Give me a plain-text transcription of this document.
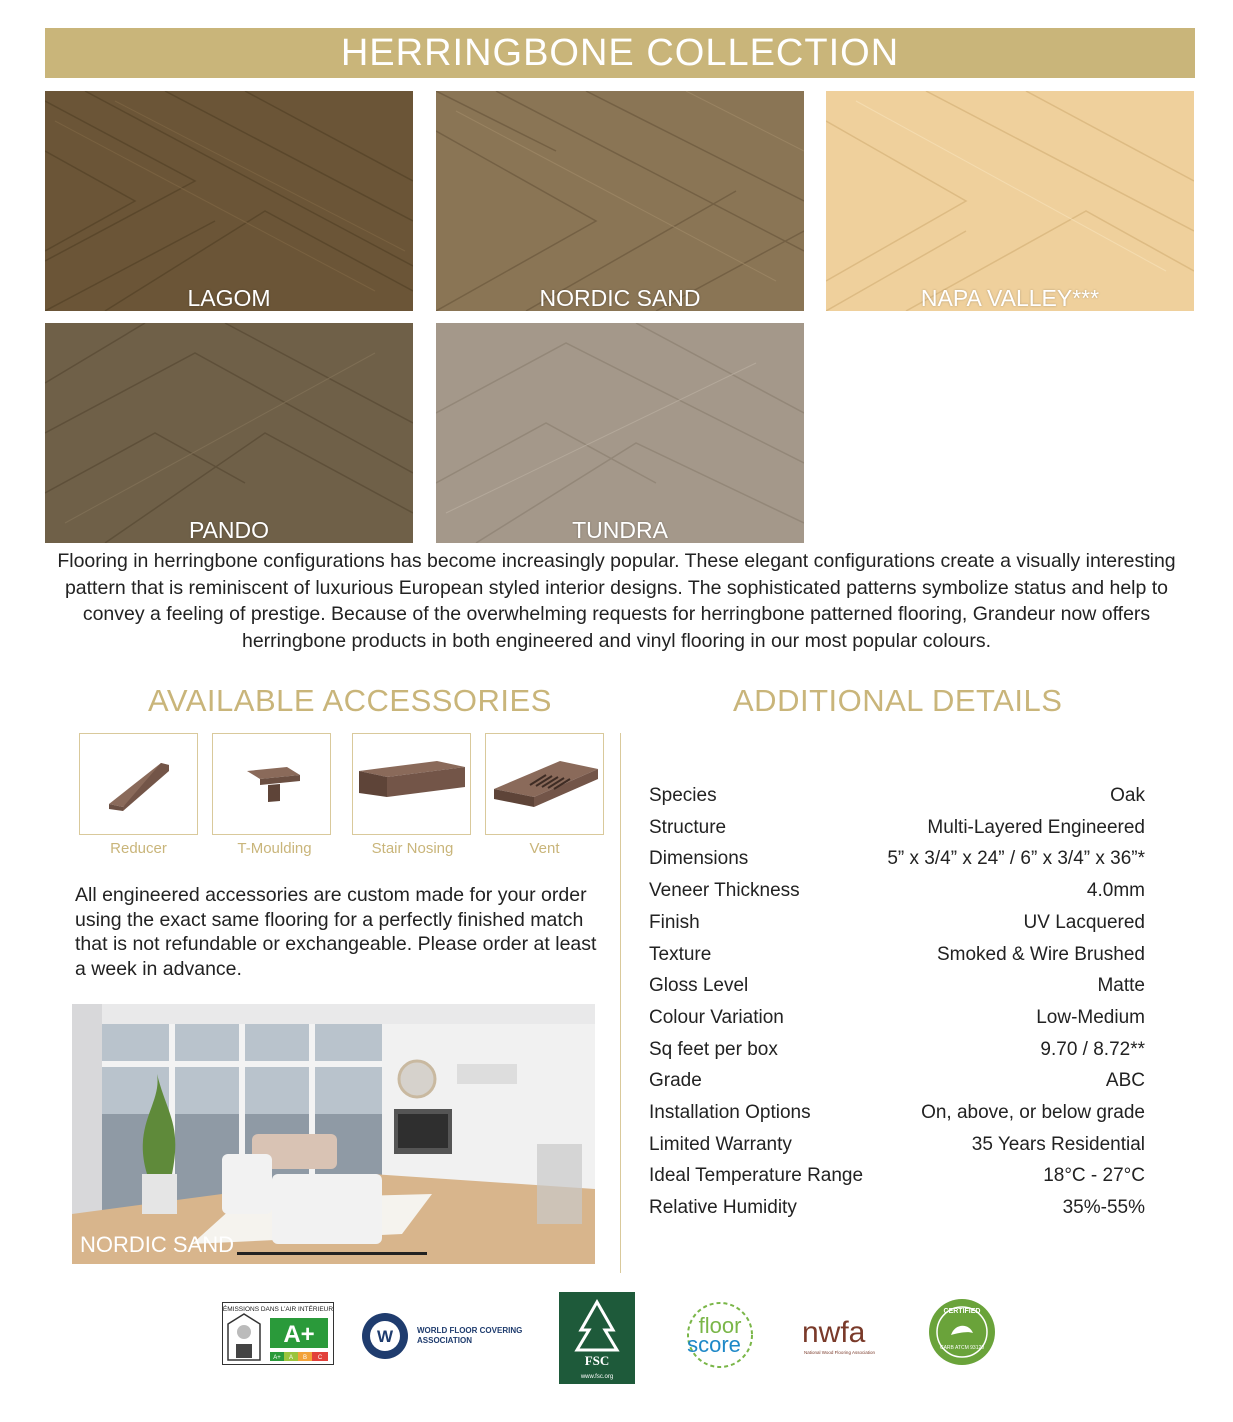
HERRINGBONE COLLECTION
LAGOM	NORDIC SAND	NAPA VALLEY***
PANDO	TUNDRA
Flooring in herringbone configurations has become increasingly popular. These elegant configurations create a visually interesting pattern that is reminiscent of luxurious European styled interior designs. The sophisticated patterns symbolize status and help to convey a feeling of prestige. Because of the overwhelming requests for herringbone patterned flooring, Grandeur now offers herringbone products in both engineered and vinyl flooring in our most popular colours.
AVAILABLE ACCESSORIES	ADDITIONAL DETAILS
Reducer	T-Moulding	Stair Nosing	Vent
All engineered accessories are custom made for your order using the exact same flooring for a perfectly finished match that is not refundable or exchangeable. Please order at least a week in advance.
NORDIC SAND
Species	Oak
Structure	Multi-Layered Engineered
Dimensions	5” x 3/4” x 24” / 6” x 3/4” x 36”*
Veneer Thickness	4.0mm
Finish	UV Lacquered
Texture	Smoked & Wire Brushed
Gloss Level	Matte
Colour Variation	Low-Medium
Sq feet per box	9.70 / 8.72**
Grade	ABC
Installation Options	On, above, or below grade
Limited Warranty	35 Years Residential
Ideal Temperature Range	18°C - 27°C
Relative Humidity	35%-55%
ÉMISSIONS DANS L’AIR INTÉRIEUR
A+
A+ A B C
W	WORLD FLOOR COVERING
ASSOCIATION
FSC
www.fsc.org
floor
score nwfa
National Wood Flooring Association
CERTIFIED
CARB ATCM 93120
